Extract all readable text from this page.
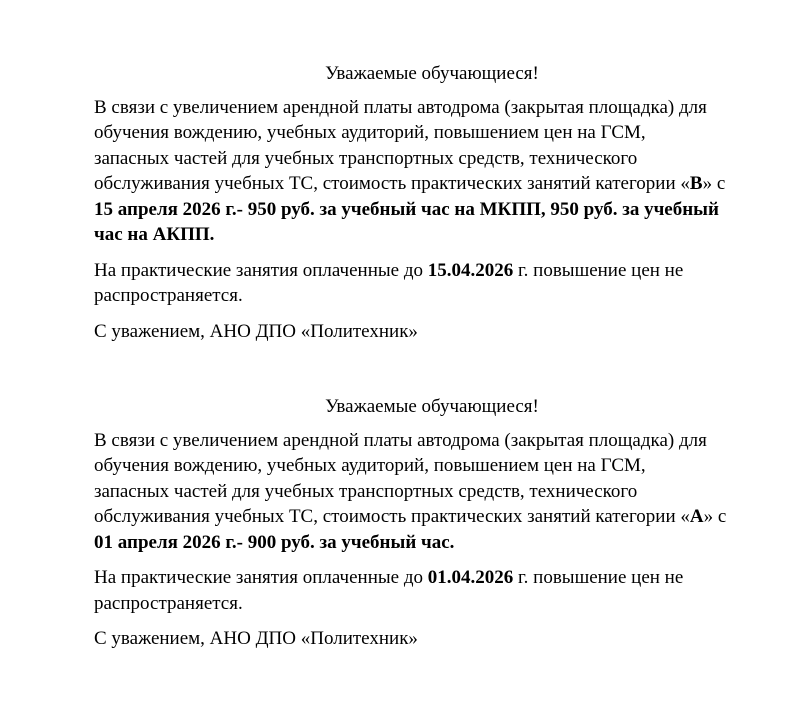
Уважаемые обучающиеся!
В связи с увеличением арендной платы автодрома (закрытая площадка) для
обучения вождению, учебных аудиторий, повышением цен на ГСМ,
запасных частей для учебных транспортных средств, технического
обслуживания учебных ТС, стоимость практических занятий категории «В» с
15 апреля 2026 г.- 950 руб. за учебный час на МКПП, 950 руб. за учебный
час на АКПП.
На практические занятия оплаченные до 15.04.2026 г. повышение цен не
распространяется.
С уважением, АНО ДПО «Политехник»
Уважаемые обучающиеся!
В связи с увеличением арендной платы автодрома (закрытая площадка) для
обучения вождению, учебных аудиторий, повышением цен на ГСМ,
запасных частей для учебных транспортных средств, технического
обслуживания учебных ТС, стоимость практических занятий категории «А» с
01 апреля 2026 г.- 900 руб. за учебный час.
На практические занятия оплаченные до 01.04.2026 г. повышение цен не
распространяется.
С уважением, АНО ДПО «Политехник»
